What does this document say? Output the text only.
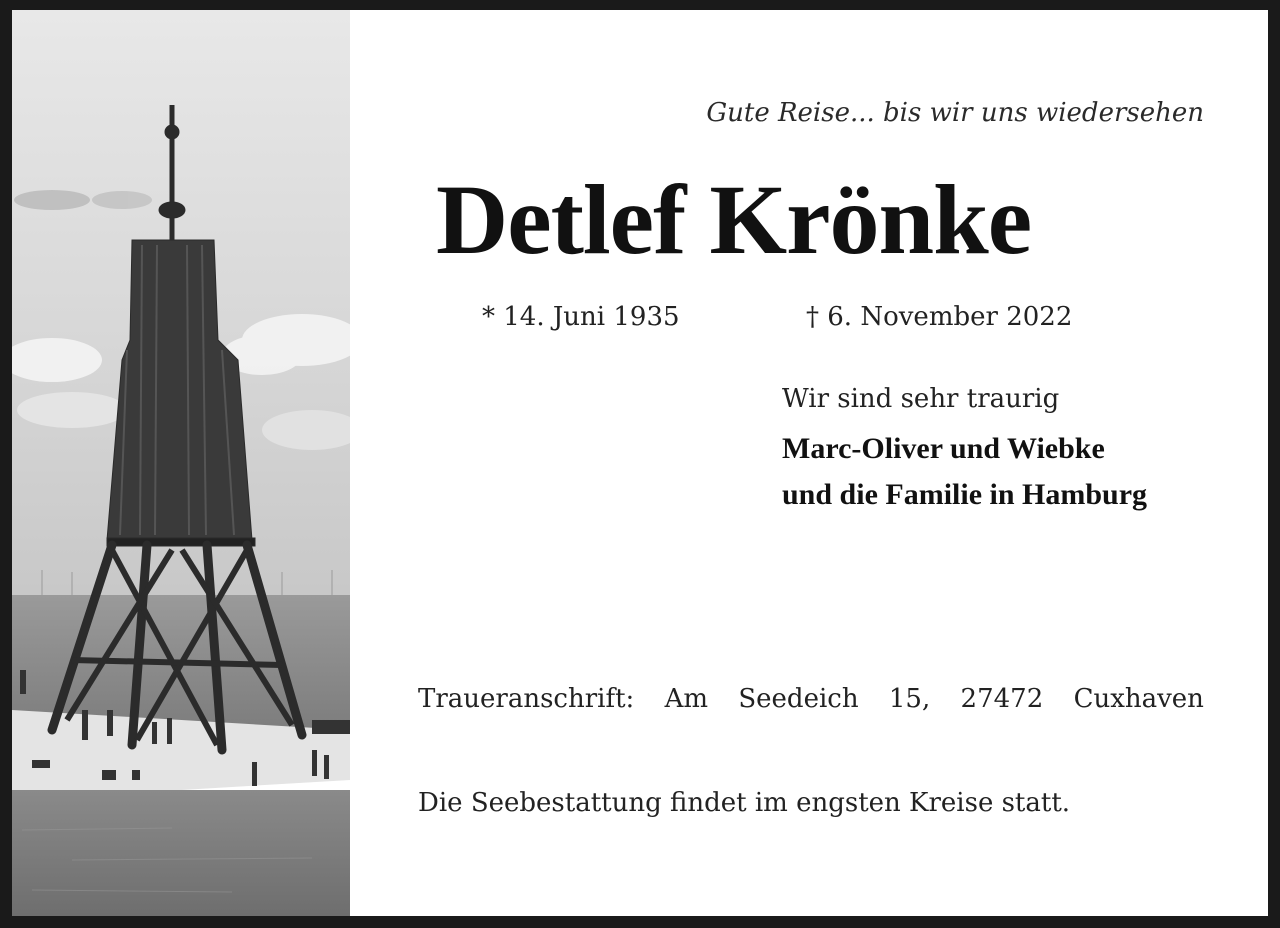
Gute Reise... bis wir uns wiedersehen
Detlef Krönke
* 14. Juni 1935	† 6. November 2022
Wir sind sehr traurig
Marc-Oliver und Wiebke
und die Familie in Hamburg
Traueranschrift: Am Seedeich 15, 27472 Cuxhaven
Die Seebestattung findet im engsten Kreise statt.
